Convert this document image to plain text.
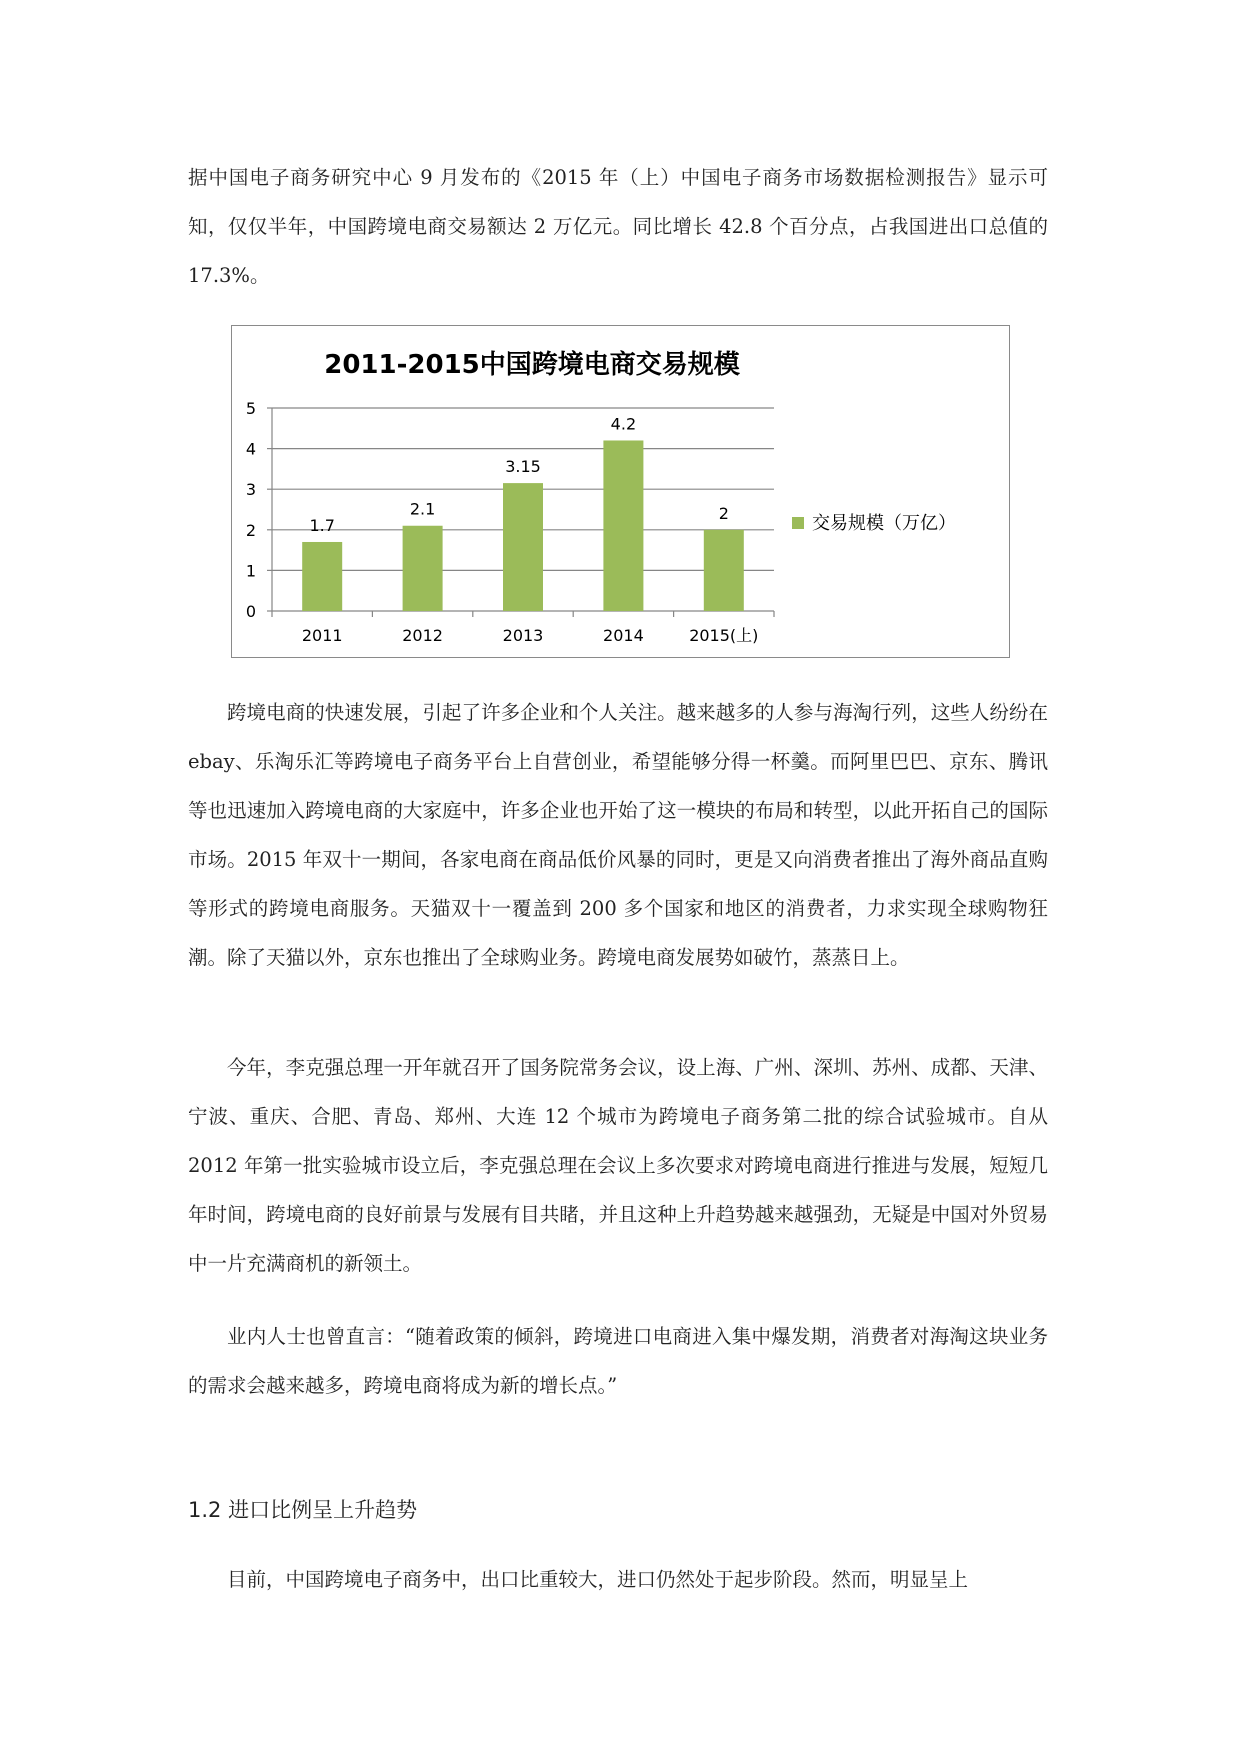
据中国电子商务研究中心 9 月发布的《2015 年（上）中国电子商务市场数据检测报告》显示可知，仅仅半年，中国跨境电商交易额达 2 万亿元。同比增长 42.8 个百分点，占我国进出口总值的 17.3%。

2011-2015中国跨境电商交易规模
0
1
2
3
4
5
1.7
2011
2.1
2012
3.15
2013
4.2
2014
2
2015(上)
交易规模（万亿）

跨境电商的快速发展，引起了许多企业和个人关注。越来越多的人参与海淘行列，这些人纷纷在 ebay、乐淘乐汇等跨境电子商务平台上自营创业，希望能够分得一杯羹。而阿里巴巴、京东、腾讯等也迅速加入跨境电商的大家庭中，许多企业也开始了这一模块的布局和转型，以此开拓自己的国际市场。2015 年双十一期间，各家电商在商品低价风暴的同时，更是又向消费者推出了海外商品直购等形式的跨境电商服务。天猫双十一覆盖到 200 多个国家和地区的消费者，力求实现全球购物狂潮。除了天猫以外，京东也推出了全球购业务。跨境电商发展势如破竹，蒸蒸日上。

今年，李克强总理一开年就召开了国务院常务会议，设上海、广州、深圳、苏州、成都、天津、宁波、重庆、合肥、青岛、郑州、大连 12 个城市为跨境电子商务第二批的综合试验城市。自从 2012 年第一批实验城市设立后，李克强总理在会议上多次要求对跨境电商进行推进与发展，短短几年时间，跨境电商的良好前景与发展有目共睹，并且这种上升趋势越来越强劲，无疑是中国对外贸易中一片充满商机的新领土。

业内人士也曾直言：“随着政策的倾斜，跨境进口电商进入集中爆发期，消费者对海淘这块业务的需求会越来越多，跨境电商将成为新的增长点。”

1.2 进口比例呈上升趋势

目前，中国跨境电子商务中，出口比重较大，进口仍然处于起步阶段。然而，明显呈上
